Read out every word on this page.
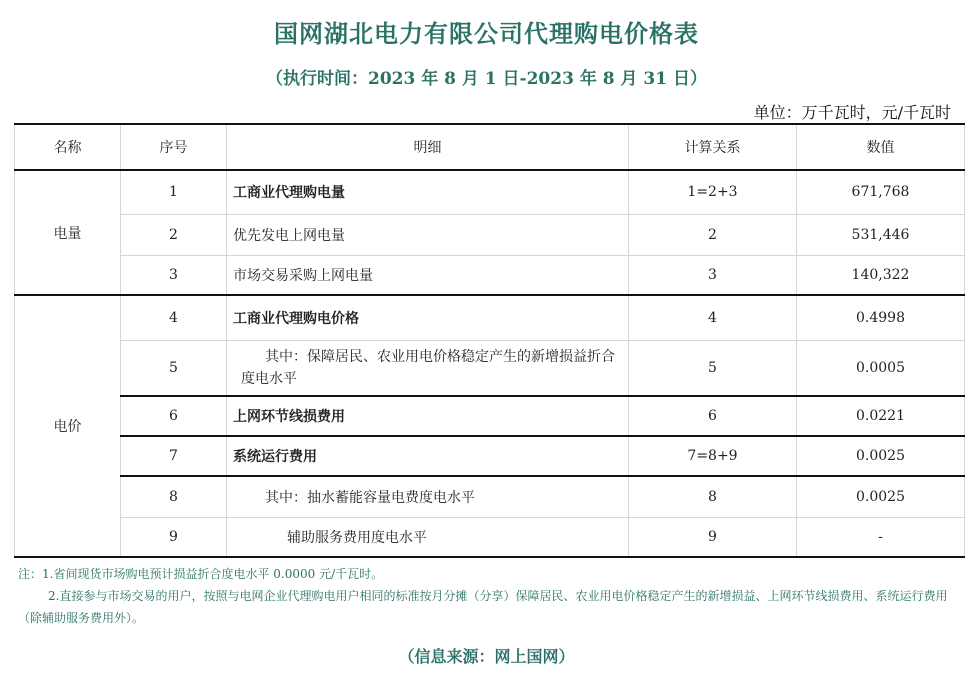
国网湖北电力有限公司代理购电价格表
（执行时间：2023 年 8 月 1 日-2023 年 8 月 31 日）
单位：万千瓦时，元/千瓦时
名称	序号	明细	计算关系	数值
电量	1	工商业代理购电量	1=2+3	671,768
	2	优先发电上网电量	2	531,446
	3	市场交易采购上网电量	3	140,322
电价	4	工商业代理购电价格	4	0.4998
	5	其中：保障居民、农业用电价格稳定产生的新增损益折合度电水平	5	0.0005
	6	上网环节线损费用	6	0.0221
	7	系统运行费用	7=8+9	0.0025
	8	其中：抽水蓄能容量电费度电水平	8	0.0025
	9	辅助服务费用度电水平	9	-

注：1.省间现货市场购电预计损益折合度电水平 0.0000 元/千瓦时。

2.直接参与市场交易的用户，按照与电网企业代理购电用户相同的标准按月分摊（分享）保障居民、农业用电价格稳定产生的新增损益、上网环节线损费用、系统运行费用（除辅助服务费用外）。

（信息来源：网上国网）
